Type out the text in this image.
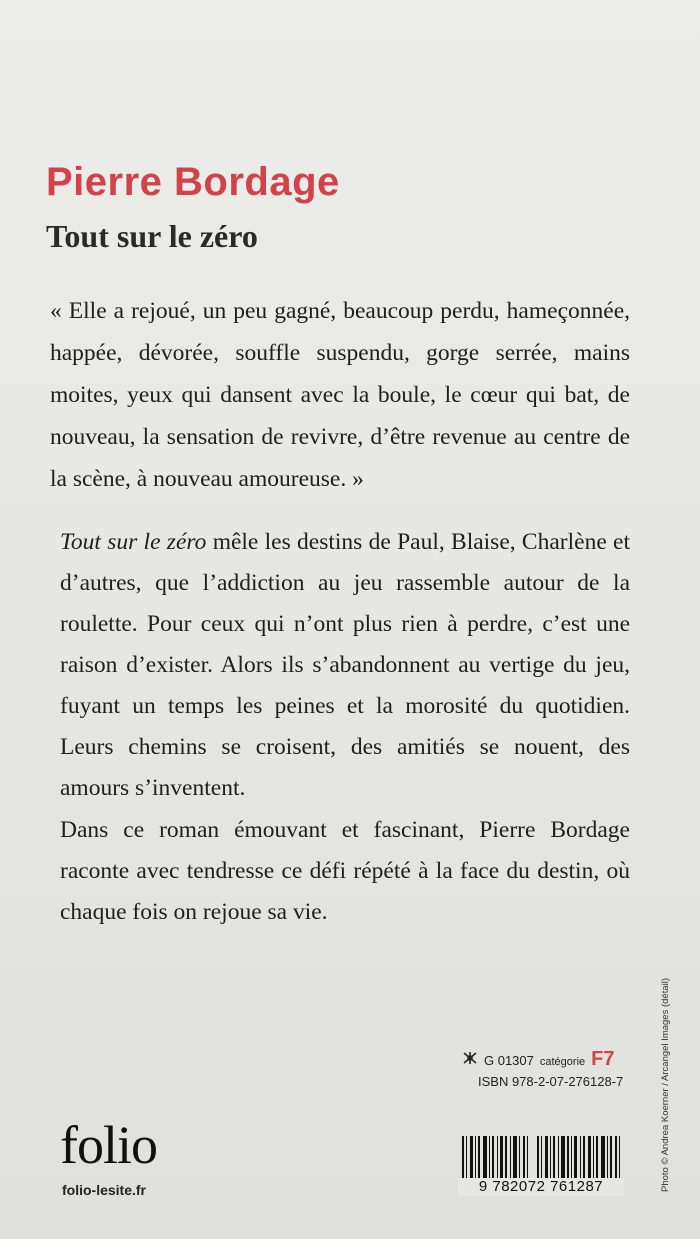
Pierre Bordage
Tout sur le zéro

« Elle a rejoué, un peu gagné, beaucoup perdu, hameçonnée, happée, dévorée, souffle suspendu, gorge serrée, mains moites, yeux qui dansent avec la boule, le cœur qui bat, de nouveau, la sensation de revivre, d’être revenue au centre de la scène, à nouveau amoureuse. »

Tout sur le zéro mêle les destins de Paul, Blaise, Charlène et d’autres, que l’addiction au jeu rassemble autour de la roulette. Pour ceux qui n’ont plus rien à perdre, c’est une raison d’exister. Alors ils s’abandonnent au vertige du jeu, fuyant un temps les peines et la morosité du quotidien. Leurs chemins se croisent, des amitiés se nouent, des amours s’inventent.

Dans ce roman émouvant et fascinant, Pierre Bordage raconte avec tendresse ce défi répété à la face du destin, où chaque fois on rejoue sa vie.

G 01307 catégorie F7
ISBN 978-2-07-276128-7
9 782072 761287
folio
folio-lesite.fr	Photo © Andrea Koerner / Arcangel Images (détail)
